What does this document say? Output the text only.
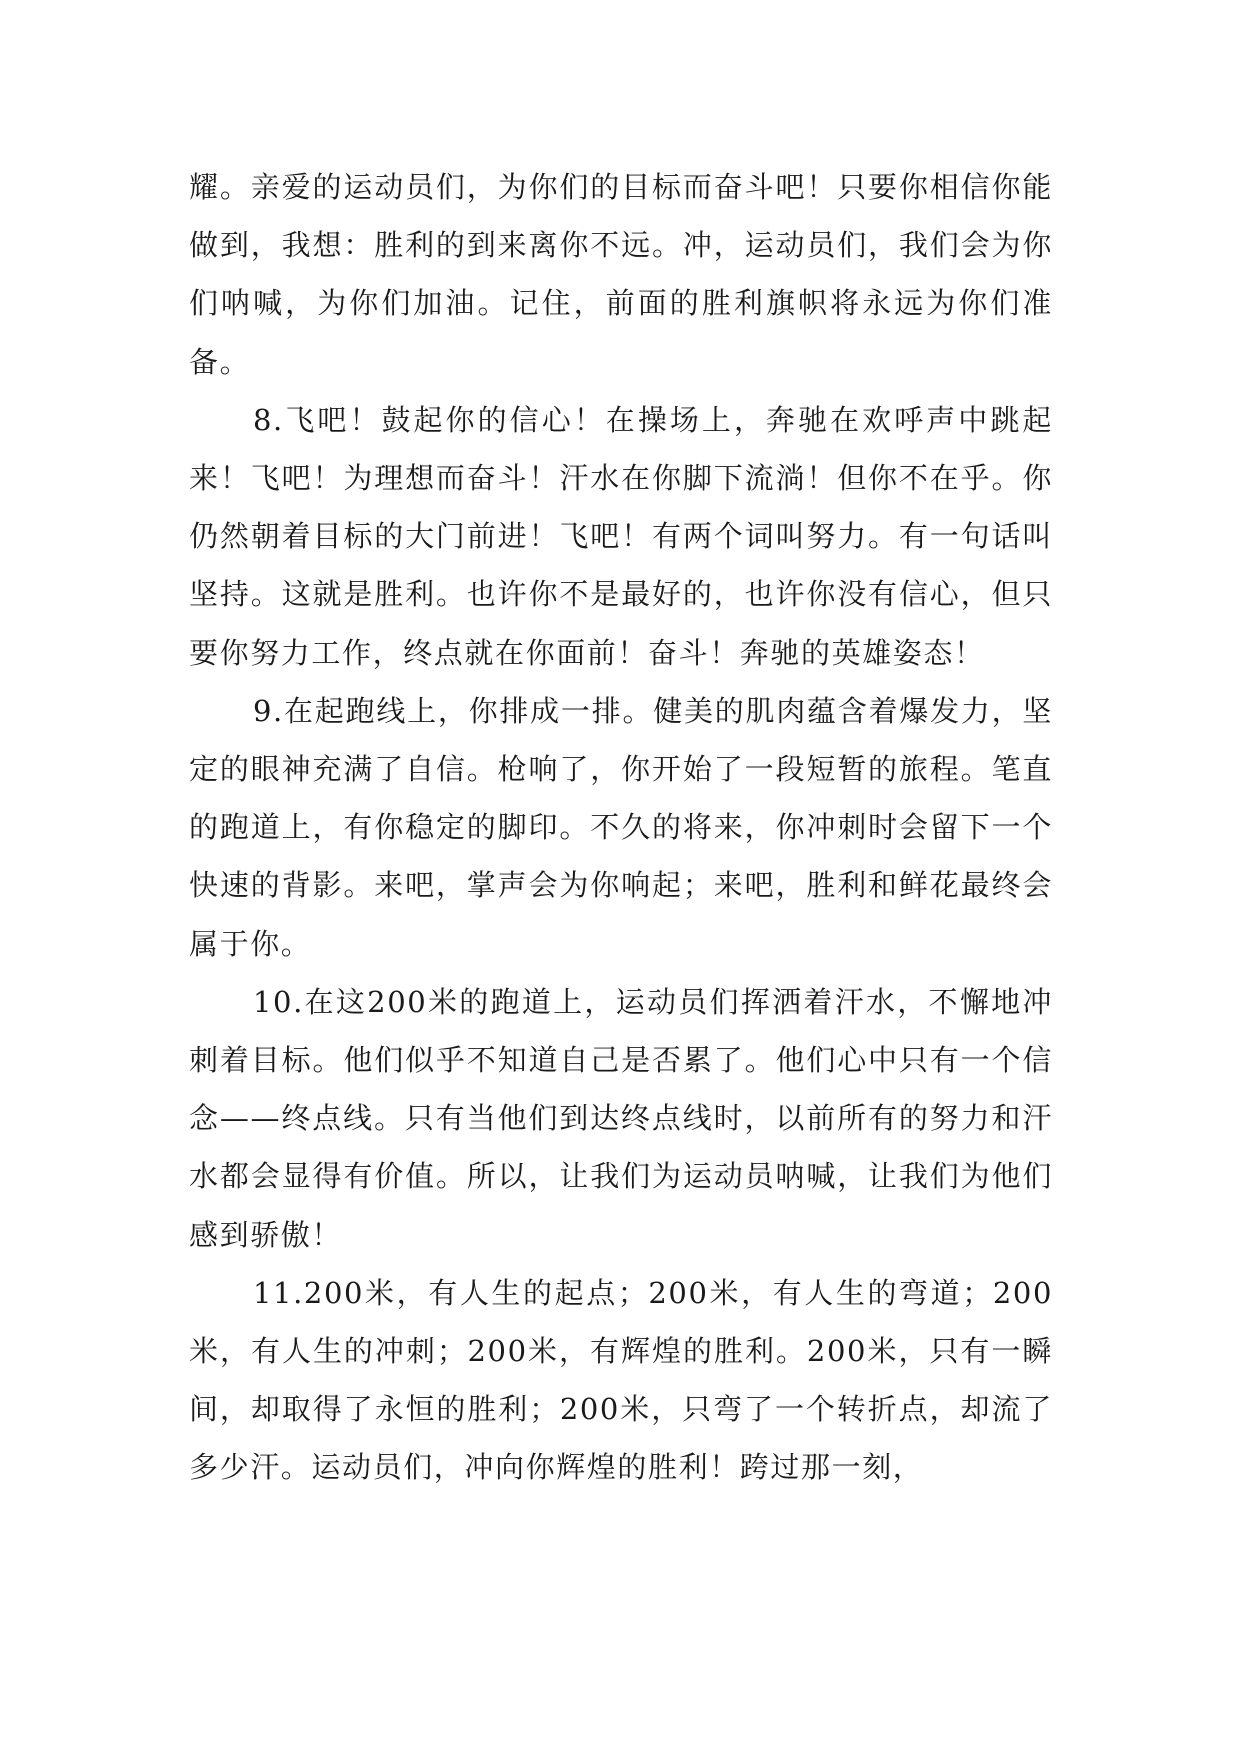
耀。亲爱的运动员们，为你们的目标而奋斗吧！只要你相信你能做到，我想：胜利的到来离你不远。冲，运动员们，我们会为你们呐喊，为你们加油。记住，前面的胜利旗帜将永远为你们准备。

8.飞吧！鼓起你的信心！在操场上，奔驰在欢呼声中跳起来！飞吧！为理想而奋斗！汗水在你脚下流淌！但你不在乎。你仍然朝着目标的大门前进！飞吧！有两个词叫努力。有一句话叫坚持。这就是胜利。也许你不是最好的，也许你没有信心，但只要你努力工作，终点就在你面前！奋斗！奔驰的英雄姿态！

9.在起跑线上，你排成一排。健美的肌肉蕴含着爆发力，坚定的眼神充满了自信。枪响了，你开始了一段短暂的旅程。笔直的跑道上，有你稳定的脚印。不久的将来，你冲刺时会留下一个快速的背影。来吧，掌声会为你响起；来吧，胜利和鲜花最终会属于你。

10.在这200米的跑道上，运动员们挥洒着汗水，不懈地冲刺着目标。他们似乎不知道自己是否累了。他们心中只有一个信念——终点线。只有当他们到达终点线时，以前所有的努力和汗水都会显得有价值。所以，让我们为运动员呐喊，让我们为他们感到骄傲！

11.200米，有人生的起点；200米，有人生的弯道；200米，有人生的冲刺；200米，有辉煌的胜利。200米，只有一瞬间，却取得了永恒的胜利；200米，只弯了一个转折点，却流了多少汗。运动员们，冲向你辉煌的胜利！跨过那一刻，
